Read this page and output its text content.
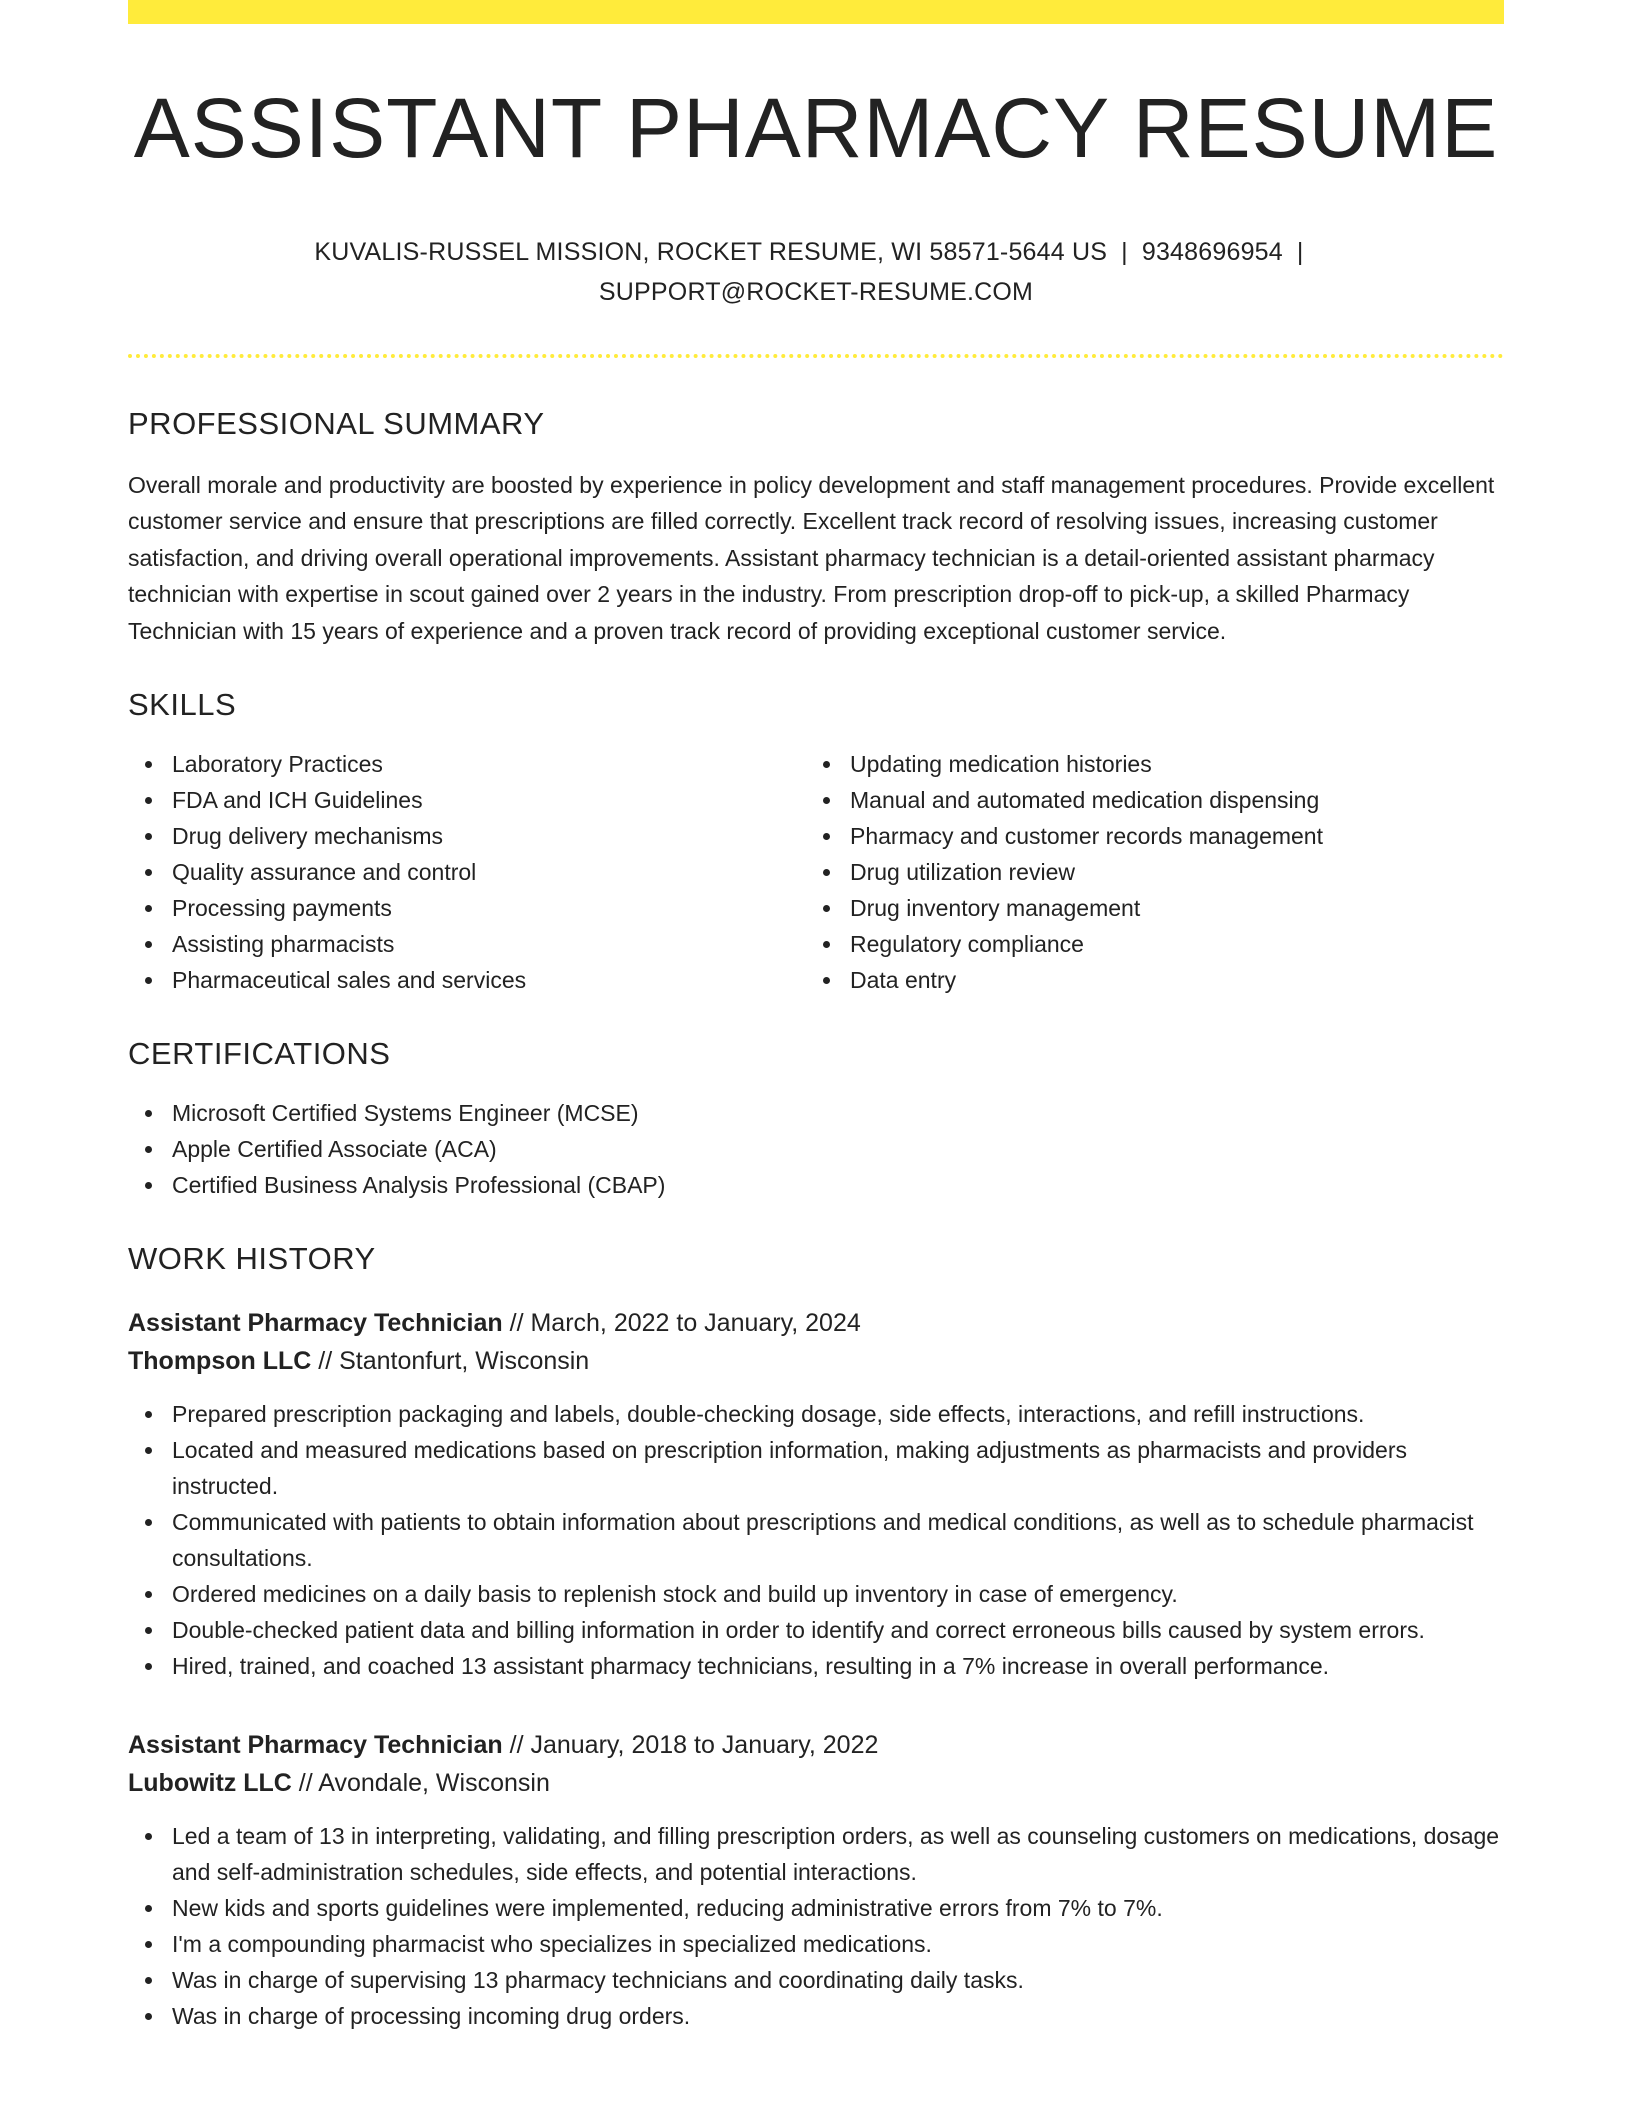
ASSISTANT PHARMACY RESUME
KUVALIS-RUSSEL MISSION, ROCKET RESUME, WI 58571-5644 US | 9348696954 |
SUPPORT@ROCKET-RESUME.COM
PROFESSIONAL SUMMARY

Overall morale and productivity are boosted by experience in policy development and staff management procedures. Provide excellent customer service and ensure that prescriptions are filled correctly. Excellent track record of resolving issues, increasing customer satisfaction, and driving overall operational improvements. Assistant pharmacy technician is a detail-oriented assistant pharmacy technician with expertise in scout gained over 2 years in the industry. From prescription drop-off to pick-up, a skilled Pharmacy Technician with 15 years of experience and a proven track record of providing exceptional customer service.

SKILLS
Laboratory Practices
FDA and ICH Guidelines
Drug delivery mechanisms
Quality assurance and control
Processing payments
Assisting pharmacists
Pharmaceutical sales and services
Updating medication histories
Manual and automated medication dispensing
Pharmacy and customer records management
Drug utilization review
Drug inventory management
Regulatory compliance
Data entry
CERTIFICATIONS
Microsoft Certified Systems Engineer (MCSE)
Apple Certified Associate (ACA)
Certified Business Analysis Professional (CBAP)
WORK HISTORY
Assistant Pharmacy Technician // March, 2022 to January, 2024
Thompson LLC // Stantonfurt, Wisconsin
Prepared prescription packaging and labels, double-checking dosage, side effects, interactions, and refill instructions.
Located and measured medications based on prescription information, making adjustments as pharmacists and providers instructed.
Communicated with patients to obtain information about prescriptions and medical conditions, as well as to schedule pharmacist consultations.
Ordered medicines on a daily basis to replenish stock and build up inventory in case of emergency.
Double-checked patient data and billing information in order to identify and correct erroneous bills caused by system errors.
Hired, trained, and coached 13 assistant pharmacy technicians, resulting in a 7% increase in overall performance.
Assistant Pharmacy Technician // January, 2018 to January, 2022
Lubowitz LLC // Avondale, Wisconsin
Led a team of 13 in interpreting, validating, and filling prescription orders, as well as counseling customers on medications, dosage and self-administration schedules, side effects, and potential interactions.
New kids and sports guidelines were implemented, reducing administrative errors from 7% to 7%.
I'm a compounding pharmacist who specializes in specialized medications.
Was in charge of supervising 13 pharmacy technicians and coordinating daily tasks.
Was in charge of processing incoming drug orders.
